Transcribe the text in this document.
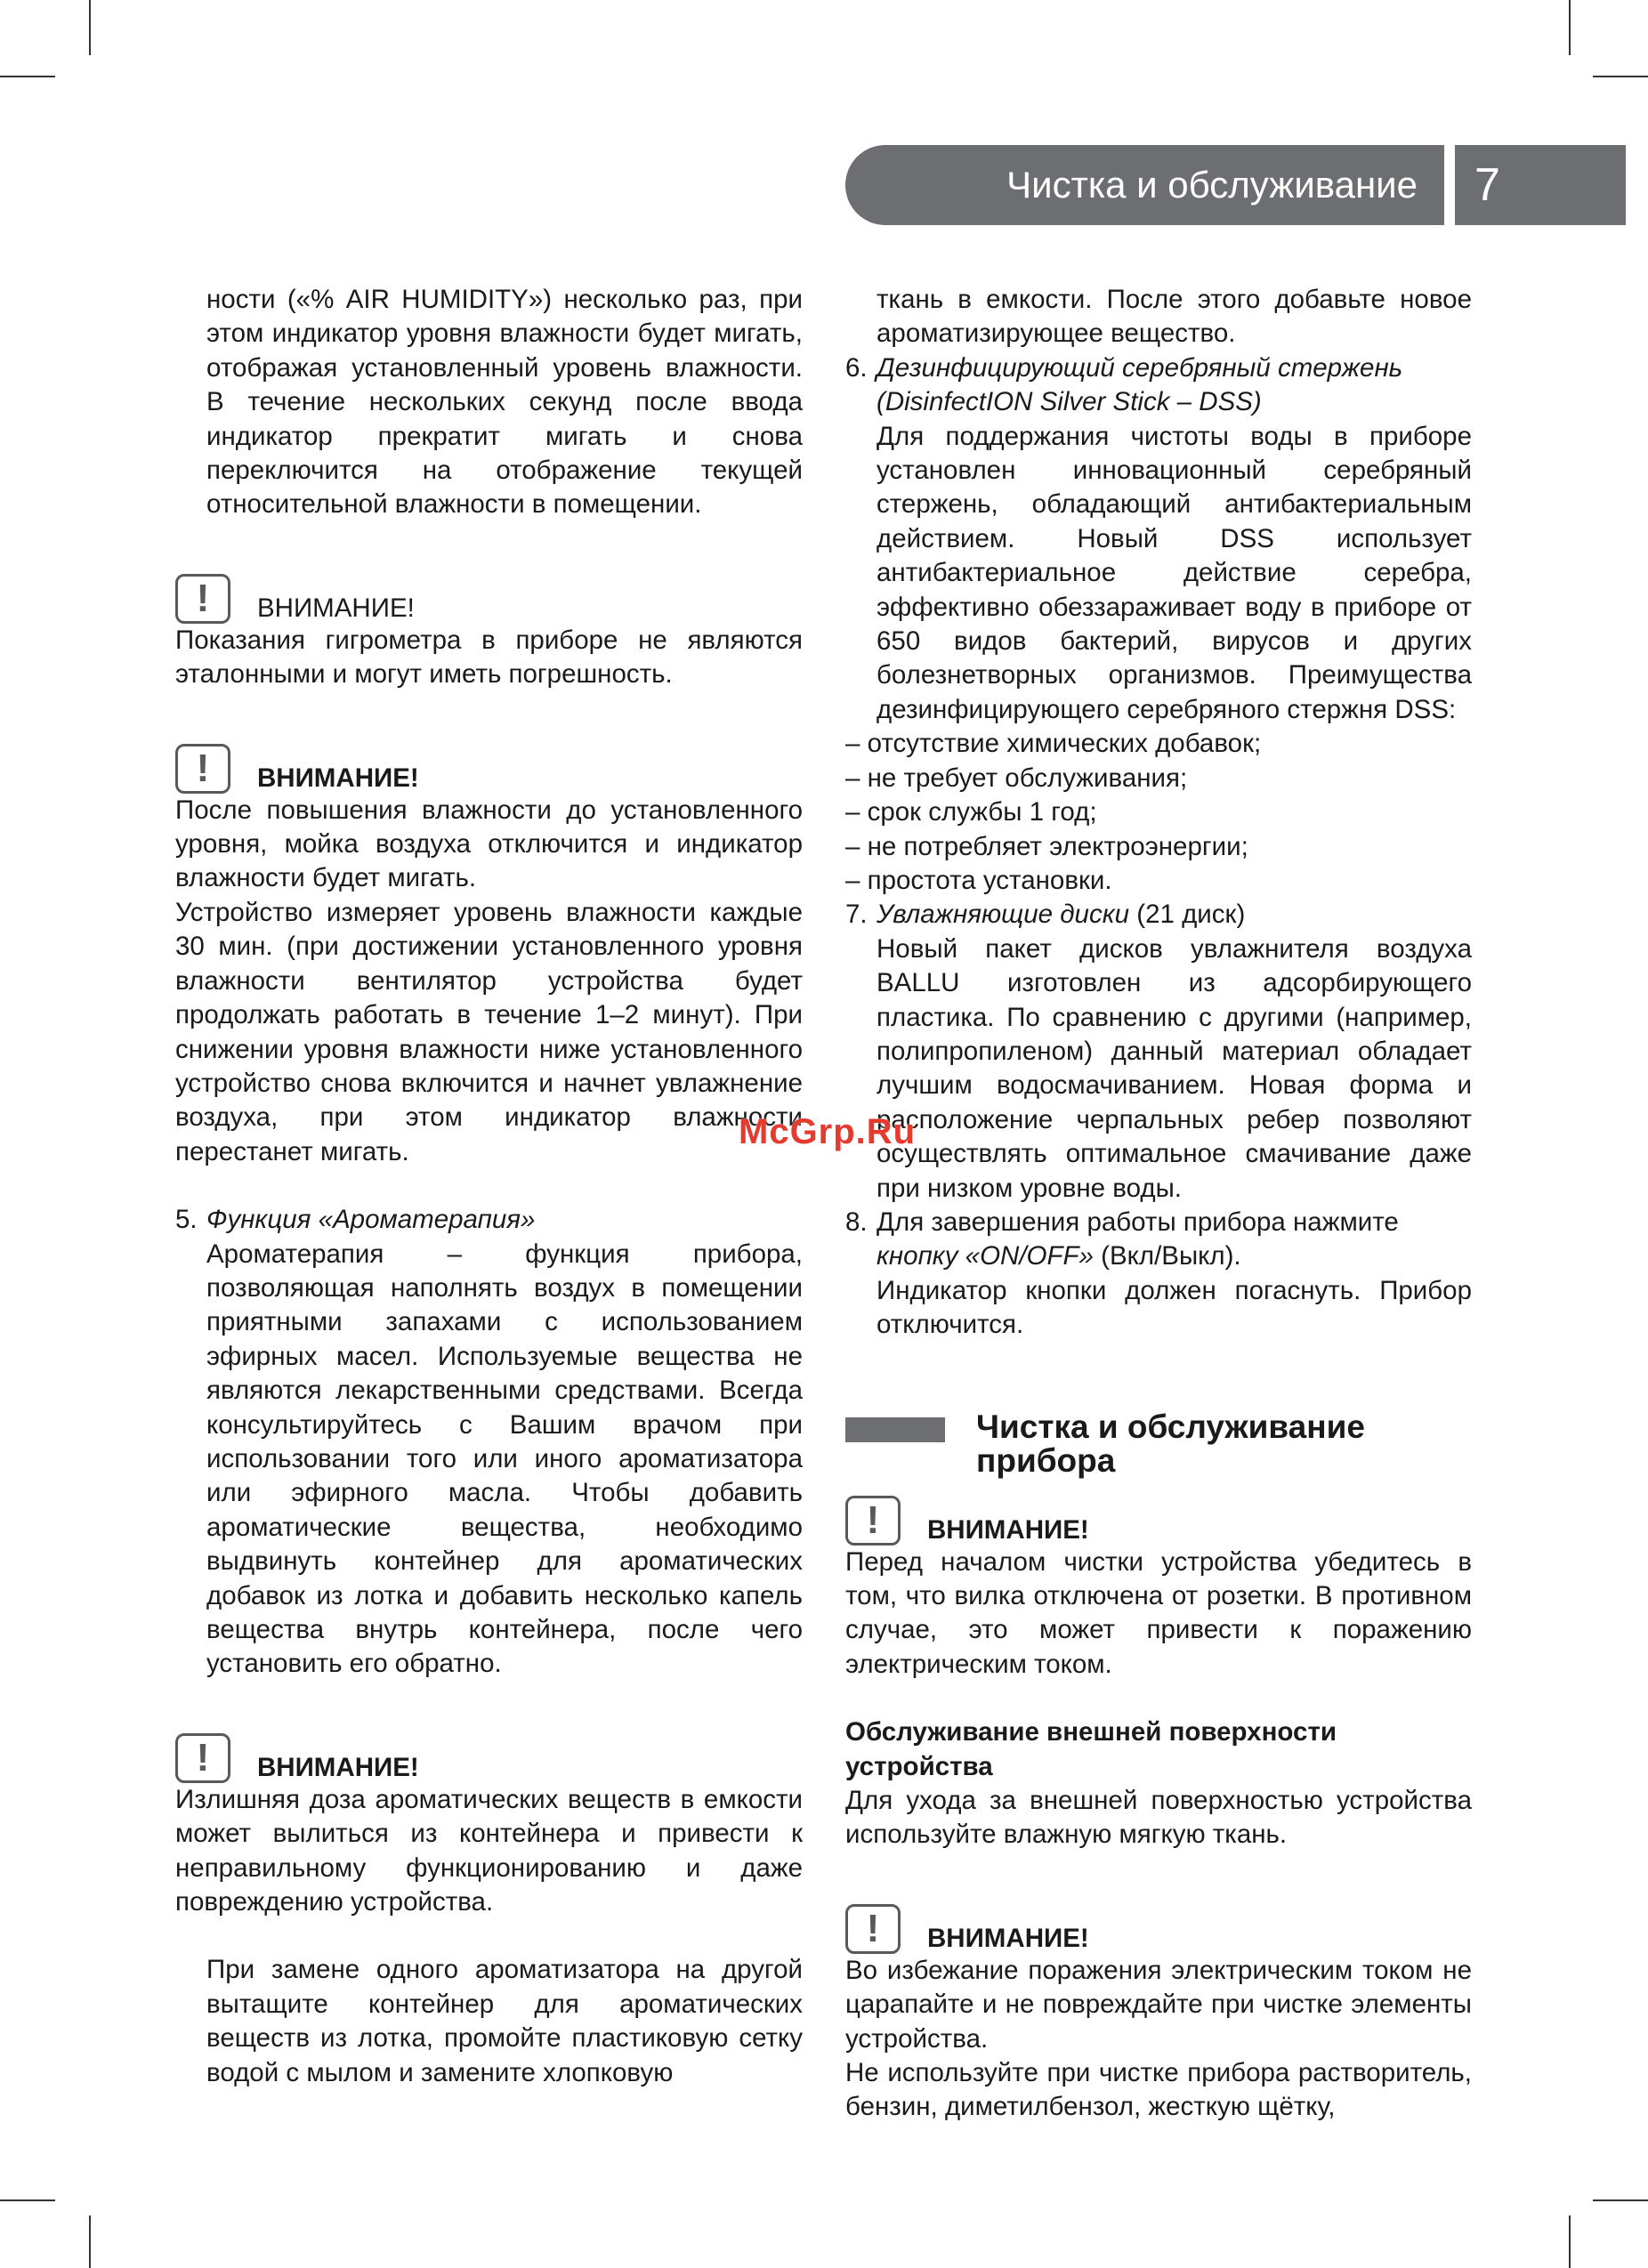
Чистка и обслуживание	7

ности («% AIR HUMIDITY») несколько раз, при этом индикатор уровня влажности будет мигать, отображая установленный уровень влажности. В течение нескольких секунд после ввода индикатор прекратит мигать и снова переключится на отображение текущей относительной влажности в помещении.

!	ВНИМАНИЕ!

Показания гигрометра в приборе не являются эталонными и могут иметь погрешность.

!	ВНИМАНИЕ!

После повышения влажности до установленного уровня, мойка воздуха отключится и индикатор влажности будет мигать.

Устройство измеряет уровень влажности каждые 30 мин. (при достижении установленного уровня влажности вентилятор устройства будет продолжать работать в течение 1–2 минут). При снижении уровня влажности ниже установленного устройство снова включится и начнет увлажнение воздуха, при этом индикатор влажности перестанет мигать.

5. Функция «Ароматерапия»

Ароматерапия – функция прибора, позволяющая наполнять воздух в помещении приятными запахами с использованием эфирных масел. Используемые вещества не являются лекарственными средствами. Всегда консультируйтесь с Вашим врачом при использовании того или иного ароматизатора или эфирного масла. Чтобы добавить ароматические вещества, необходимо выдвинуть контейнер для ароматических добавок из лотка и добавить несколько капель вещества внутрь контейнера, после чего установить его обратно.

!	ВНИМАНИЕ!

Излишняя доза ароматических веществ в емкости может вылиться из контейнера и привести к неправильному функционированию и даже повреждению устройства.

При замене одного ароматизатора на другой вытащите контейнер для ароматических веществ из лотка, промойте пластиковую сетку водой с мылом и замените хлопковую

ткань в емкости. После этого добавьте новое ароматизирующее вещество.

6. Дезинфицирующий серебряный стержень (DisinfectION Silver Stick – DSS)

Для поддержания чистоты воды в приборе установлен инновационный серебряный стержень, обладающий антибактериальным действием. Новый DSS использует антибактериальное действие серебра, эффективно обеззараживает воду в приборе от 650 видов бактерий, вирусов и других болезнетворных организмов. Преимущества дезинфицирующего серебряного стержня DSS:

– отсутствие химических добавок;
– не требует обслуживания;
– срок службы 1 год;
– не потребляет электроэнергии;
– простота установки.
7. Увлажняющие диски (21 диск)

Новый пакет дисков увлажнителя воздуха BALLU изготовлен из адсорбирующего пластика. По сравнению с другими (например, полипропиленом) данный материал обладает лучшим водосмачиванием. Новая форма и расположение черпальных ребер позволяют осуществлять оптимальное смачивание даже при низком уровне воды.

8. Для завершения работы прибора нажмите кнопку «ON/OFF» (Вкл/Выкл).

Индикатор кнопки должен погаснуть. Прибор отключится.

Чистка и обслуживание
прибора
!	ВНИМАНИЕ!

Перед началом чистки устройства убедитесь в том, что вилка отключена от розетки. В противном случае, это может привести к поражению электрическим током.

Обслуживание внешней поверхности устройства

Для ухода за внешней поверхностью устройства используйте влажную мягкую ткань.

!	ВНИМАНИЕ!

Во избежание поражения электрическим током не царапайте и не повреждайте при чистке элементы устройства.

Не используйте при чистке прибора растворитель, бензин, диметилбензол, жесткую щётку,

McGrp.Ru
